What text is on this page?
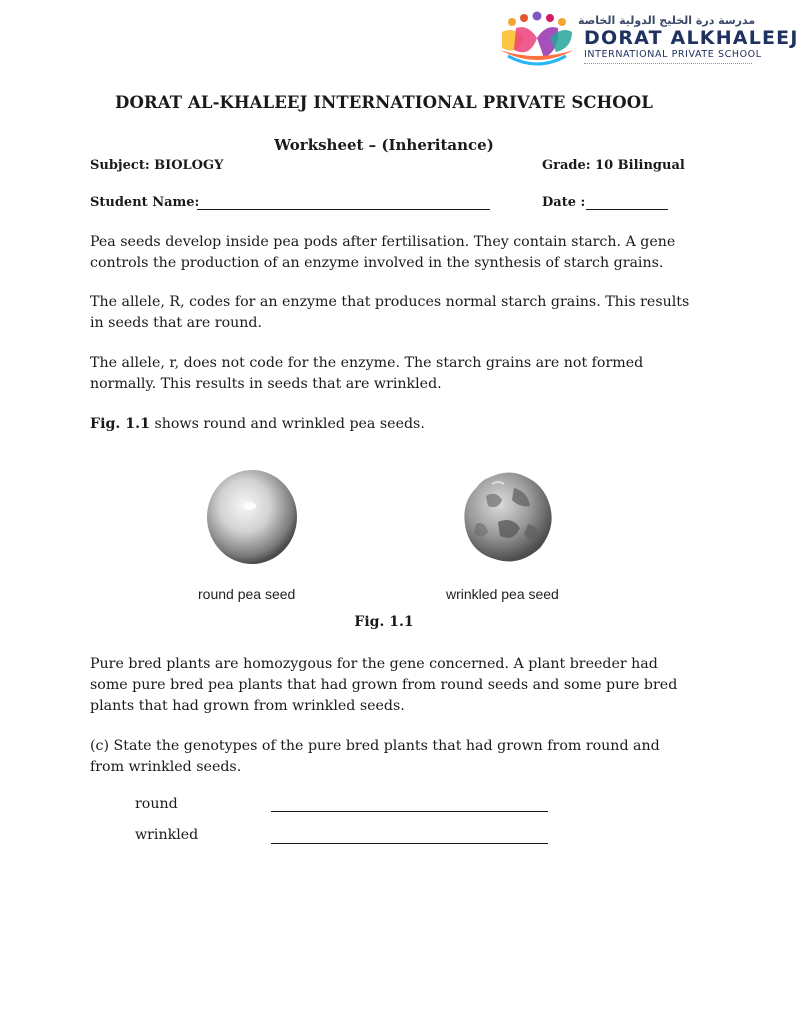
مدرسة درة الخليج الدولية الخاصة
DORAT ALKHALEEJ
INTERNATIONAL PRIVATE SCHOOL
DORAT AL-KHALEEJ INTERNATIONAL PRIVATE SCHOOL
Worksheet – (Inheritance)
Subject: BIOLOGY	Grade: 10 Bilingual
Student Name:	Date :

Pea seeds develop inside pea pods after fertilisation. They contain starch. A gene controls the production of an enzyme involved in the synthesis of starch grains.

The allele, R, codes for an enzyme that produces normal starch grains. This results in seeds that are round.

The allele, r, does not code for the enzyme. The starch grains are not formed normally. This results in seeds that are wrinkled.

Fig. 1.1 shows round and wrinkled pea seeds.

round pea seed	wrinkled pea seed
Fig. 1.1

Pure bred plants are homozygous for the gene concerned. A plant breeder had some pure bred pea plants that had grown from round seeds and some pure bred plants that had grown from wrinkled seeds.

(c) State the genotypes of the pure bred plants that had grown from round and from wrinkled seeds.

round
wrinkled
